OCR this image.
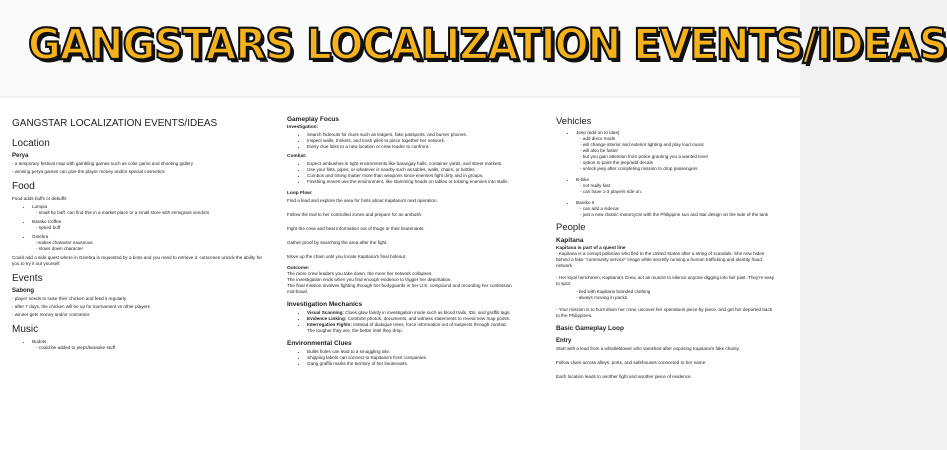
GANGSTARS LOCALIZATION EVENTS/IDEAS
GANGSTAR LOCALIZATION EVENTS/IDEAS
Location
Perya
- a temporary festival map with gambling games such as color game and shooting gallery
- winning perya games can give the player money and/or special cosmetics
Food
Food adds buffs or debuffs
• Lumpia
- small hp buff, can find this in a market place or a small store with immigrant vendors
• Barako Coffee
- speed buff
• Ginebra
-makes character nauseous
- slows down character
Could add a side quest where in Ginebra is requested by a boss and you need to retrieve it. cutscenes unlock the ability for you to try it out yourself
Events
Sabong
- player needs to raise their chicken and feed it regularly
- after 7 days, the chicken will be up for tournament vs other players
- winner gets money and/or cosmetics
Music
• Budots
- could be added to jeeps/karaoke stuff
Gameplay Focus
Investigation:
• Search hideouts for clues such as ledgers, fake passports, and burner phones.
• Inspect walls, trinkets, and trash piles to piece together her network.
• Every clue links to a new location or crew leader to confront.
Combat:
• Expect ambushes in tight environments like barangay halls, container yards, and street markets.
• Use your fists, pipes, or whatever is nearby such as tables, walls, chairs, or bottles.
• Combos and timing matter more than weapons since enemies fight dirty and in groups.
• Finishing moves use the environment, like slamming heads on tables or tossing enemies into stalls.
Loop Flow:
Find a lead and explore the area for hints about Kapitana's next operation.
Follow the trail to her controlled zones and prepare for an ambush.
Fight the crew and beat information out of thugs or their lieutenants.
Gather proof by searching the area after the fight.
Move up the chain until you locate Kapitana's final hideout.
Outcome:
The more crew leaders you take down, the more her network collapses.
The investigation ends when you find enough evidence to trigger her deportation.
The final mission involves fighting through her bodyguards in her U.S. compound and recording her confession mid-brawl.
Investigation Mechanics
• Visual Scanning: Clues glow faintly in investigation mode such as blood trails, IDs, and graffiti tags.
• Evidence Linking: Combine photos, documents, and witness statements to reveal new map points.
• Interrogation Fights: Instead of dialogue trees, force information out of suspects through combat. The tougher they are, the better intel they drop.
Environmental Clues
• Bullet holes can lead to a smuggling site.
• Shipping labels can connect to Kapitana's front companies.
• Gang graffiti marks the territory of her lieutenants.
Vehicles
• Jeep (add on to idea)
- add disco mode
- will change interior and exterior lighting and play loud music
- will also be faster
- but you gain attention from police granting you a wanted level
- option to paint the jeep/add decals
- unlock jeep after completing mission to drop passengers
• B-bike
- not really fast
- can have 1-3 players ride on.
• Barako II
- can add a sidecar
- just a new classic motorcycle with the Philippine sun and star design on the side of the tank
People
Kapitana
Kapitana is part of a quest line
- Kapitana is a corrupt politician who fled to the United States after a string of scandals. She now hides behind a fake "community service" image while secretly running a human trafficking and identity fraud network.
- Her loyal henchmen, Kapitana's Crew, act as muscle to silence anyone digging into her past. They're easy to spot:
- tied with Kapitana branded clothing
- always moving in packs
- Your mission is to hunt down her crew, uncover her operations piece by piece, and get her deported back to the Philippines.
Basic Gameplay Loop
Entry
Start with a lead from a whistleblower who vanished after exposing Kapitana's fake charity.
Follow clues across alleys, ports, and safehouses connected to her name.
Each location leads to another fight and another piece of evidence.
